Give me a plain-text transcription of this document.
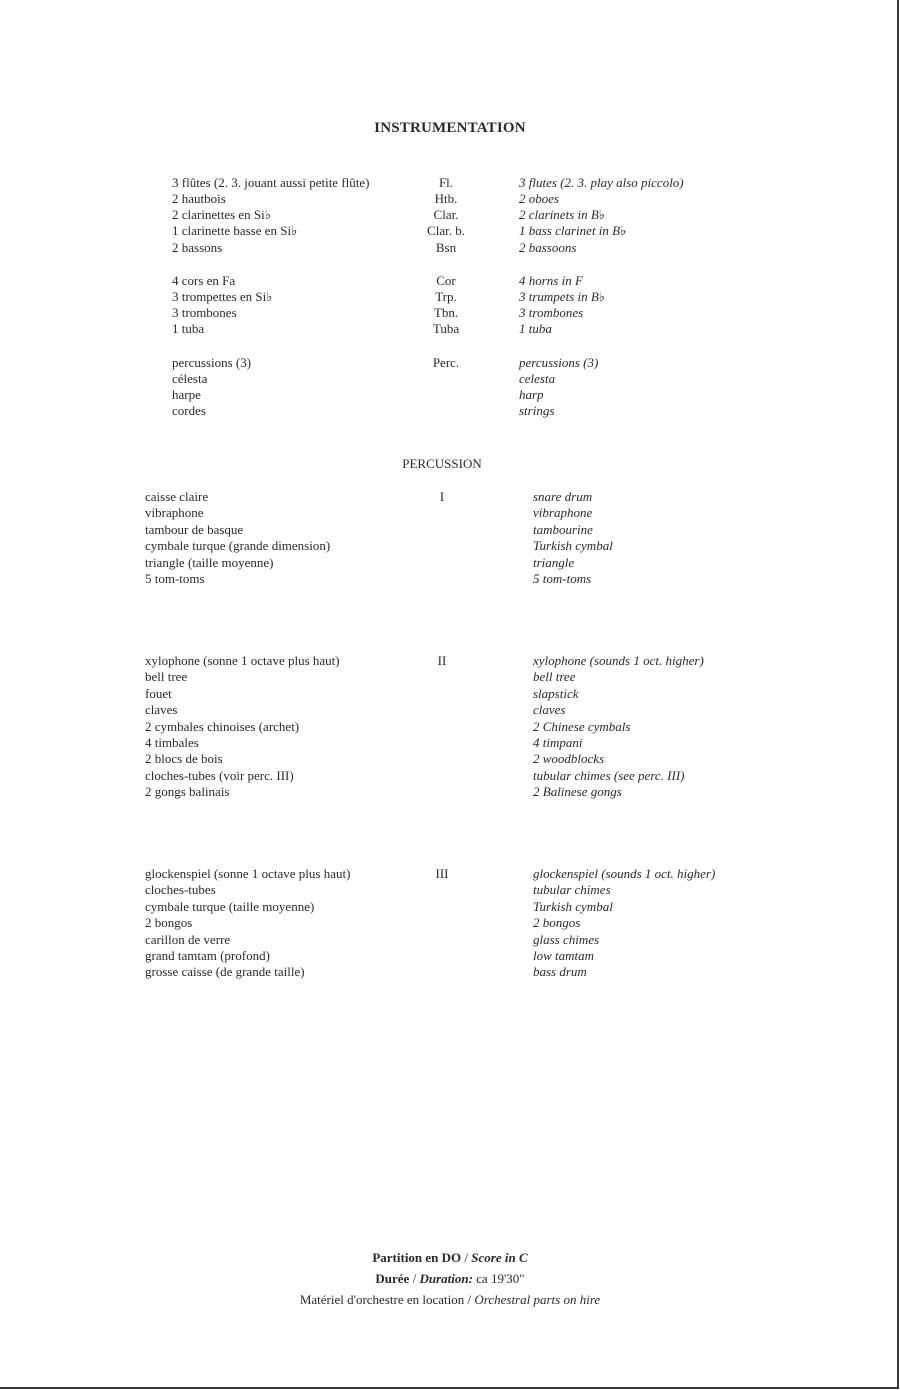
INSTRUMENTATION
3 flûtes (2. 3. jouant aussi petite flûte)	Fl.	3 flutes (2. 3. play also piccolo)
2 hautbois	Htb.	2 oboes
2 clarinettes en Si♭	Clar.	2 clarinets in B♭
1 clarinette basse en Si♭	Clar. b.	1 bass clarinet in B♭
2 bassons	Bsn	2 bassoons
4 cors en Fa	Cor	4 horns in F
3 trompettes en Si♭	Trp.	3 trumpets in B♭
3 trombones	Tbn.	3 trombones
1 tuba	Tuba	1 tuba
percussions (3)	Perc.	percussions (3)
célesta	celesta
harpe	harp
cordes	strings
PERCUSSION
caisse claire	I	snare drum
vibraphone	vibraphone
tambour de basque	tambourine
cymbale turque (grande dimension)	Turkish cymbal
triangle (taille moyenne)	triangle
5 tom-toms	5 tom-toms
xylophone (sonne 1 octave plus haut)	II	xylophone (sounds 1 oct. higher)
bell tree	bell tree
fouet	slapstick
claves	claves
2 cymbales chinoises (archet)	2 Chinese cymbals
4 timbales	4 timpani
2 blocs de bois	2 woodblocks
cloches-tubes (voir perc. III)	tubular chimes (see perc. III)
2 gongs balinais	2 Balinese gongs
glockenspiel (sonne 1 octave plus haut)	III	glockenspiel (sounds 1 oct. higher)
cloches-tubes	tubular chimes
cymbale turque (taille moyenne)	Turkish cymbal
2 bongos	2 bongos
carillon de verre	glass chimes
grand tamtam (profond)	low tamtam
grosse caisse (de grande taille)	bass drum
Partition en DO / Score in C
Durée / Duration: ca 19'30"
Matériel d'orchestre en location / Orchestral parts on hire
